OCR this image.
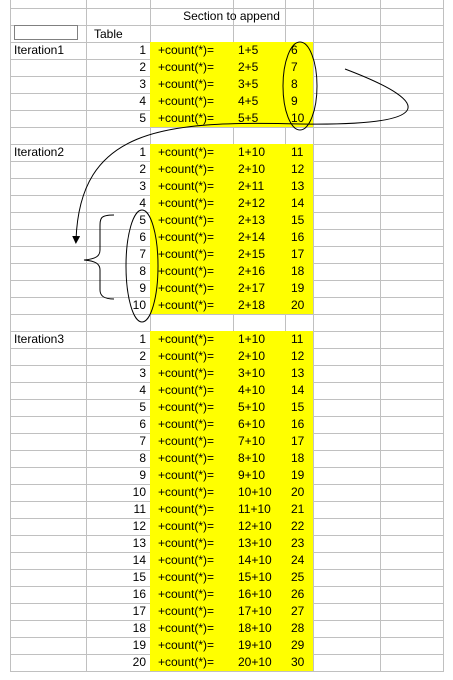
Section to append
Table
Iteration1	1 +count(*)= 1+5	6
2 +count(*)= 2+5	7
3 +count(*)= 3+5	8
4 +count(*)= 4+5	9
5 +count(*)= 5+5	10
Iteration2	1 +count(*)= 1+10 11
2 +count(*)= 2+10 12
3 +count(*)= 2+11 13
4 +count(*)= 2+12 14
5 +count(*)= 2+13 15
6 +count(*)= 2+14 16
7 +count(*)= 2+15 17
8 +count(*)= 2+16 18
9 +count(*)= 2+17 19
10 +count(*)= 2+18 20
Iteration3	1 +count(*)= 1+10 11
2 +count(*)= 2+10 12
3 +count(*)= 3+10 13
4 +count(*)= 4+10 14
5 +count(*)= 5+10 15
6 +count(*)= 6+10 16
7 +count(*)= 7+10 17
8 +count(*)= 8+10 18
9 +count(*)= 9+10 19
10 +count(*)= 10+10 20
11 +count(*)= 11+10 21
12 +count(*)= 12+10 22
13 +count(*)= 13+10 23
14 +count(*)= 14+10 24
15 +count(*)= 15+10 25
16 +count(*)= 16+10 26
17 +count(*)= 17+10 27
18 +count(*)= 18+10 28
19 +count(*)= 19+10 29
20 +count(*)= 20+10 30
